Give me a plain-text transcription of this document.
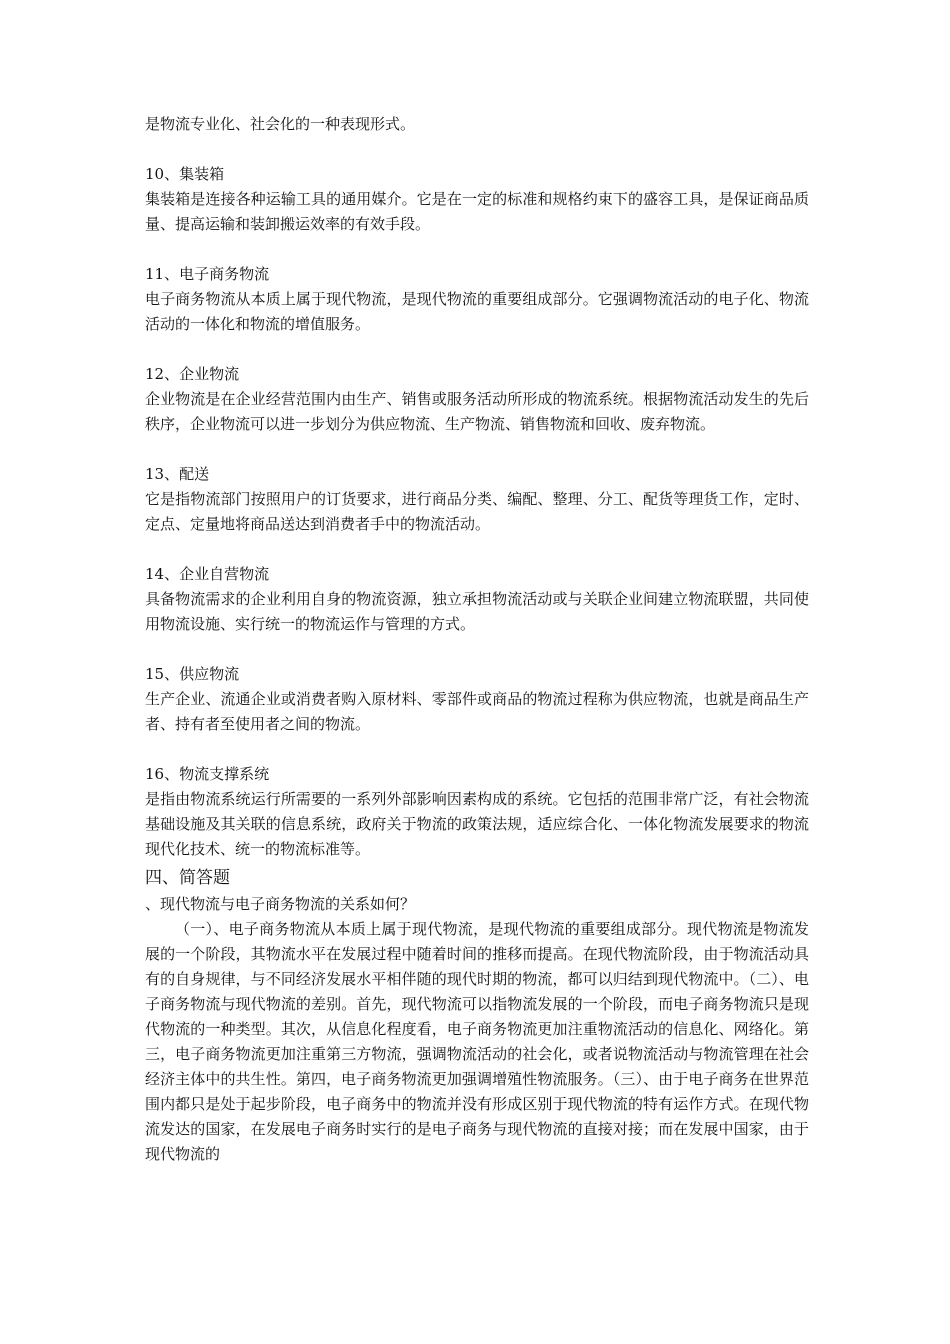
是物流专业化、社会化的一种表现形式。
10、集装箱
集装箱是连接各种运输工具的通用媒介。它是在一定的标准和规格约束下的盛容工具，是保证商品质量、提高运输和装卸搬运效率的有效手段。
11、电子商务物流
电子商务物流从本质上属于现代物流，是现代物流的重要组成部分。它强调物流活动的电子化、物流活动的一体化和物流的增值服务。
12、企业物流
企业物流是在企业经营范围内由生产、销售或服务活动所形成的物流系统。根据物流活动发生的先后秩序，企业物流可以进一步划分为供应物流、生产物流、销售物流和回收、废弃物流。
13、配送
它是指物流部门按照用户的订货要求，进行商品分类、编配、整理、分工、配货等理货工作，定时、定点、定量地将商品送达到消费者手中的物流活动。
14、企业自营物流
具备物流需求的企业利用自身的物流资源，独立承担物流活动或与关联企业间建立物流联盟，共同使用物流设施、实行统一的物流运作与管理的方式。
15、供应物流
生产企业、流通企业或消费者购入原材料、零部件或商品的物流过程称为供应物流，也就是商品生产者、持有者至使用者之间的物流。
16、物流支撑系统
是指由物流系统运行所需要的一系列外部影响因素构成的系统。它包括的范围非常广泛，有社会物流基础设施及其关联的信息系统，政府关于物流的政策法规，适应综合化、一体化物流发展要求的物流现代化技术、统一的物流标准等。
四、简答题
、现代物流与电子商务物流的关系如何？
（一）、电子商务物流从本质上属于现代物流，是现代物流的重要组成部分。现代物流是物流发展的一个阶段，其物流水平在发展过程中随着时间的推移而提高。在现代物流阶段，由于物流活动具有的自身规律，与不同经济发展水平相伴随的现代时期的物流，都可以归结到现代物流中。（二）、电子商务物流与现代物流的差别。首先，现代物流可以指物流发展的一个阶段，而电子商务物流只是现代物流的一种类型。其次，从信息化程度看，电子商务物流更加注重物流活动的信息化、网络化。第三，电子商务物流更加注重第三方物流，强调物流活动的社会化，或者说物流活动与物流管理在社会经济主体中的共生性。第四，电子商务物流更加强调增殖性物流服务。（三）、由于电子商务在世界范围内都只是处于起步阶段，电子商务中的物流并没有形成区别于现代物流的特有运作方式。在现代物流发达的国家，在发展电子商务时实行的是电子商务与现代物流的直接对接；而在发展中国家，由于现代物流的
